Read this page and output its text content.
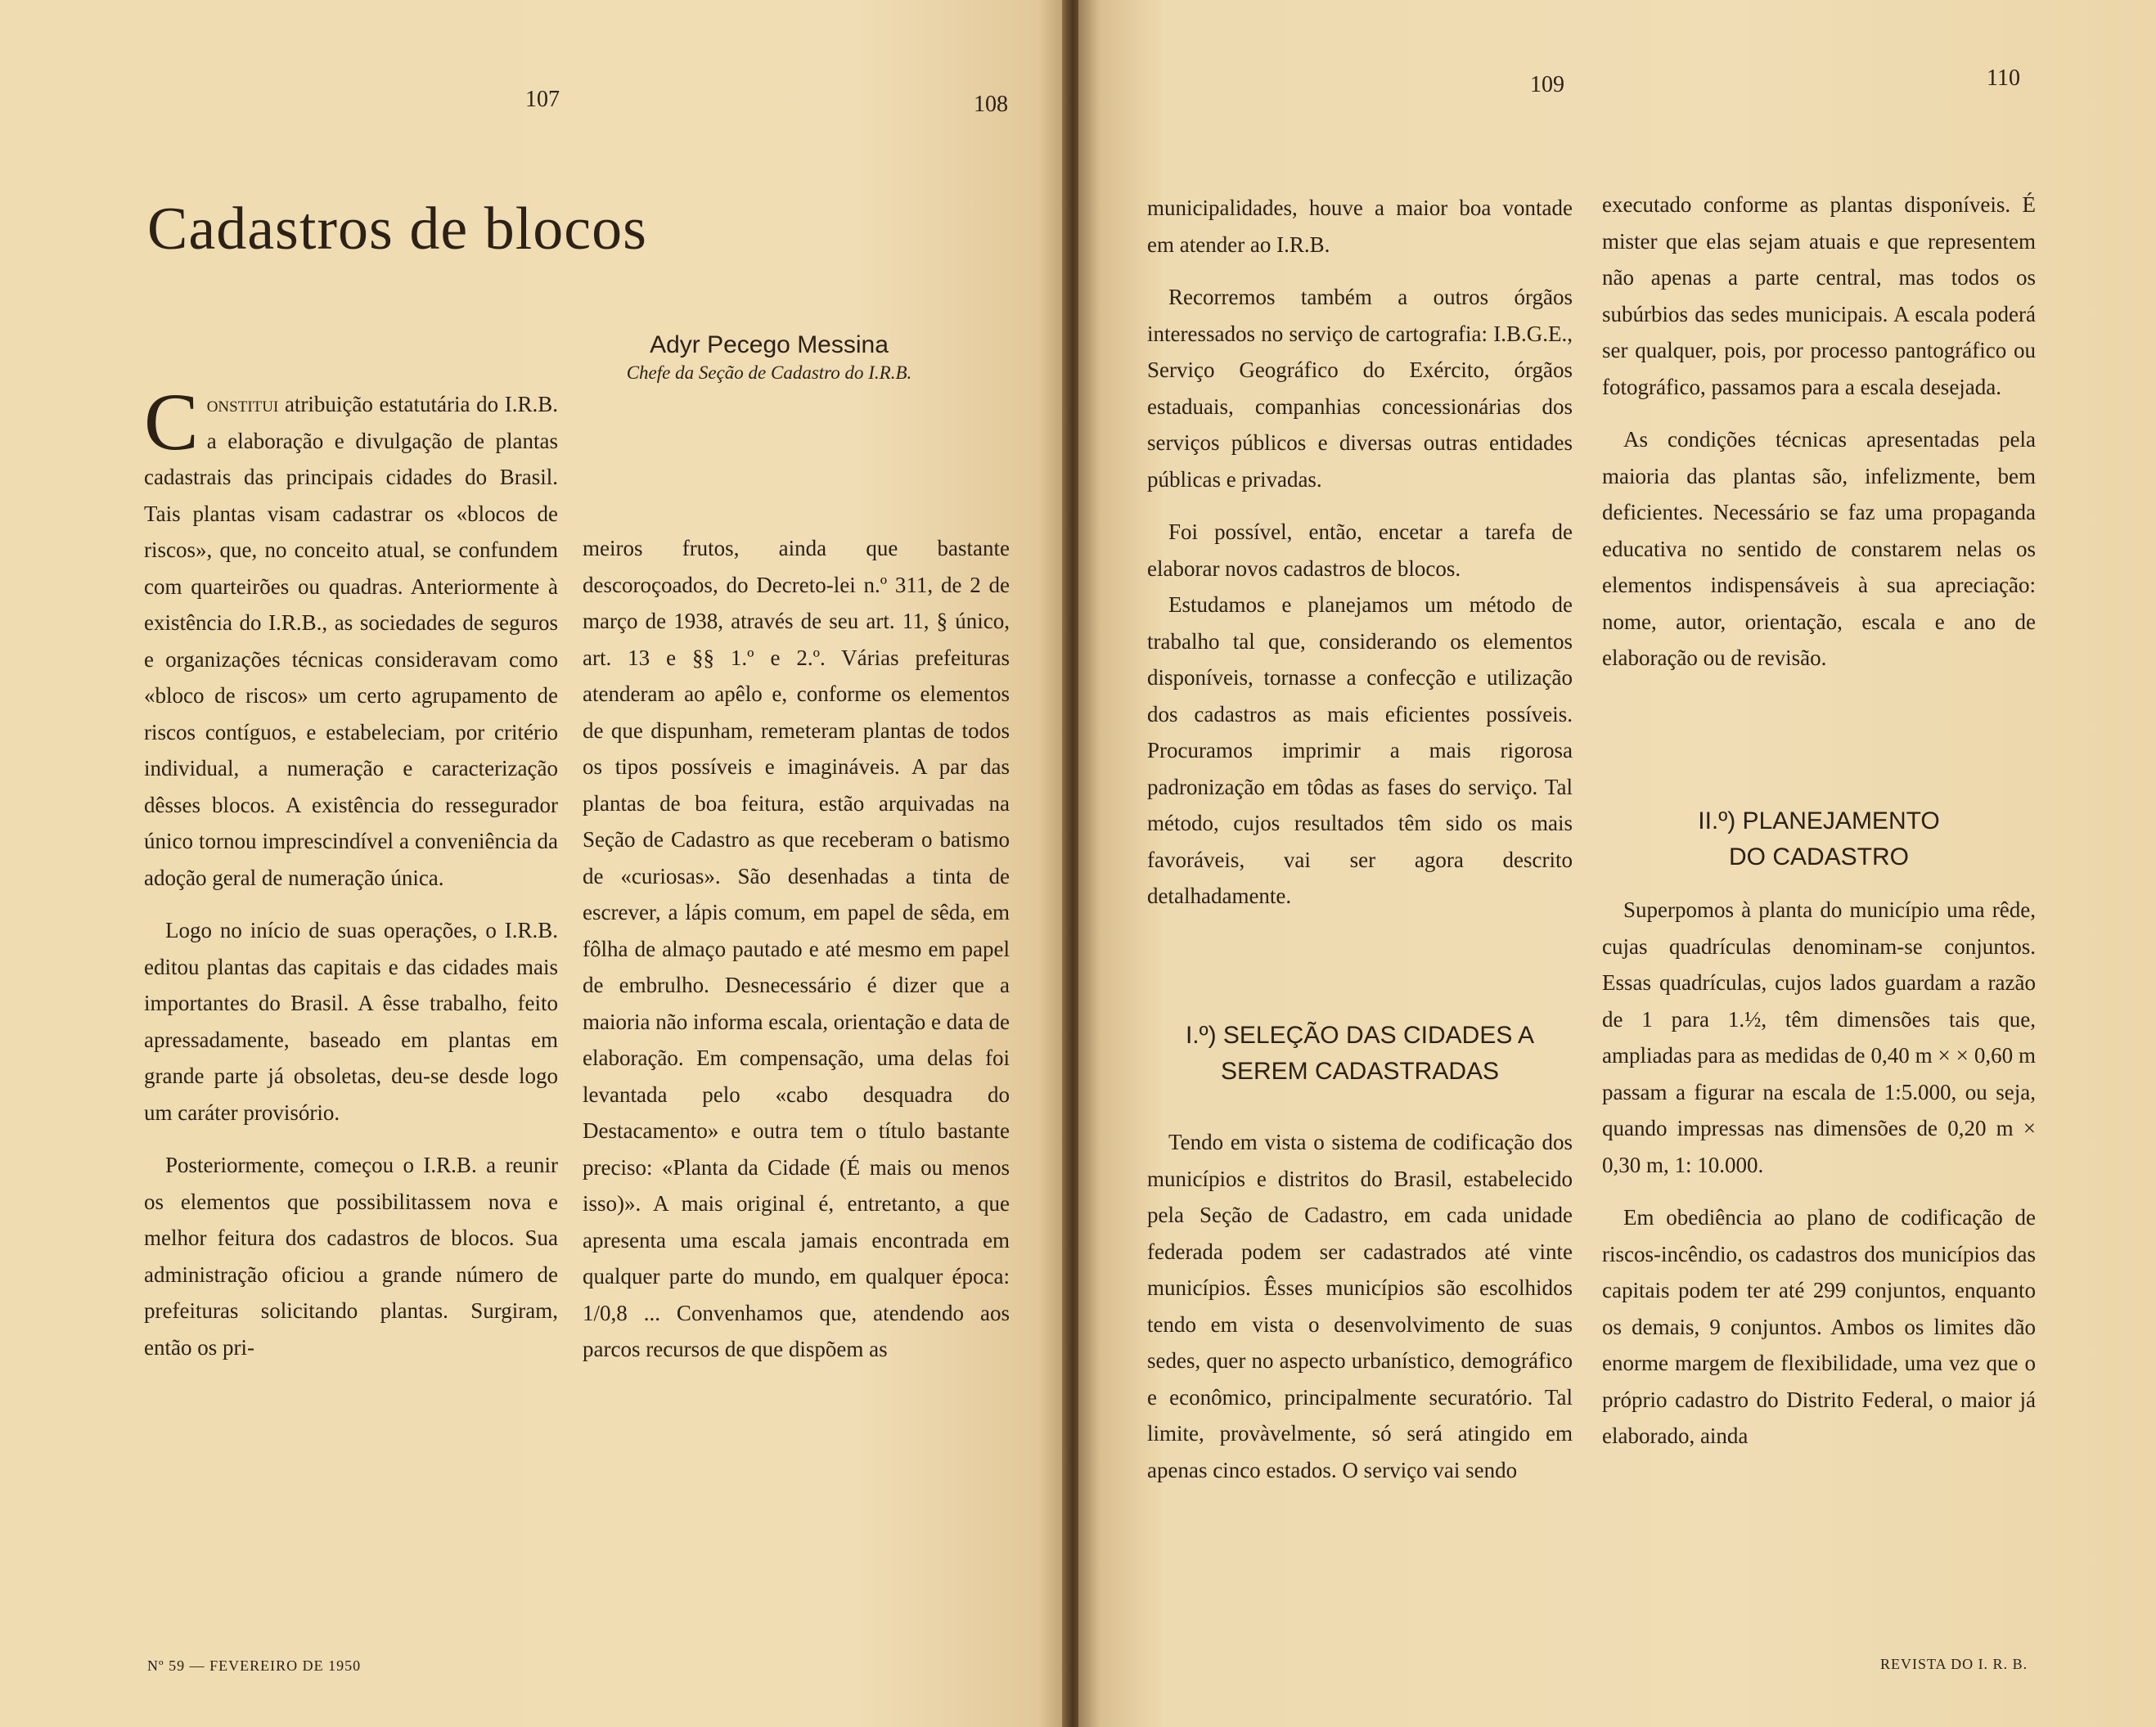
107	108
Cadastros de blocos
Adyr Pecego Messina
Chefe da Seção de Cadastro do I.R.B.

Constitui atribuição estatutária do I.R.B. a elaboração e divulgação de plantas cadastrais das principais cidades do Brasil. Tais plantas visam cadastrar os «blocos de riscos», que, no conceito atual, se confundem com quarteirões ou quadras. Anteriormente à existência do I.R.B., as sociedades de seguros e organizações técnicas consideravam como «bloco de riscos» um certo agrupamento de riscos contíguos, e estabeleciam, por critério individual, a numeração e caracterização dêsses blocos. A existência do ressegurador único tornou imprescindível a conveniência da adoção geral de numeração única.

Logo no início de suas operações, o I.R.B. editou plantas das capitais e das cidades mais importantes do Brasil. A êsse trabalho, feito apressadamente, baseado em plantas em grande parte já obsoletas, deu-se desde logo um caráter provisório.

Posteriormente, começou o I.R.B. a reunir os elementos que possibilitassem nova e melhor feitura dos cadastros de blocos. Sua administração oficiou a grande número de prefeituras solicitando plantas. Surgiram, então os pri-

meiros frutos, ainda que bastante descoroçoados, do Decreto-lei n.º 311, de 2 de março de 1938, através de seu art. 11, § único, art. 13 e §§ 1.º e 2.º. Várias prefeituras atenderam ao apêlo e, conforme os elementos de que dispunham, remeteram plantas de todos os tipos possíveis e imagináveis. A par das plantas de boa feitura, estão arquivadas na Seção de Cadastro as que receberam o batismo de «curiosas». São desenhadas a tinta de escrever, a lápis comum, em papel de sêda, em fôlha de almaço pautado e até mesmo em papel de embrulho. Desnecessário é dizer que a maioria não informa escala, orientação e data de elaboração. Em compensação, uma delas foi levantada pelo «cabo desquadra do Destacamento» e outra tem o título bastante preciso: «Planta da Cidade (É mais ou menos isso)». A mais original é, entretanto, a que apresenta uma escala jamais encontrada em qualquer parte do mundo, em qualquer época: 1/0,8 ... Convenhamos que, atendendo aos parcos recursos de que dispõem as

Nº 59 — FEVEREIRO DE 1950
109	110

municipalidades, houve a maior boa vontade em atender ao I.R.B.

Recorremos também a outros órgãos interessados no serviço de cartografia: I.B.G.E., Serviço Geográfico do Exército, órgãos estaduais, companhias concessionárias dos serviços públicos e diversas outras entidades públicas e privadas.

Foi possível, então, encetar a tarefa de elaborar novos cadastros de blocos.

Estudamos e planejamos um método de trabalho tal que, considerando os elementos disponíveis, tornasse a confecção e utilização dos cadastros as mais eficientes possíveis. Procuramos imprimir a mais rigorosa padronização em tôdas as fases do serviço. Tal método, cujos resultados têm sido os mais favoráveis, vai ser agora descrito detalhadamente.

I.º) SELEÇÃO DAS CIDADES A
SEREM CADASTRADAS

Tendo em vista o sistema de codificação dos municípios e distritos do Brasil, estabelecido pela Seção de Cadastro, em cada unidade federada podem ser cadastrados até vinte municípios. Êsses municípios são escolhidos tendo em vista o desenvolvimento de suas sedes, quer no aspecto urbanístico, demográfico e econômico, principalmente securatório. Tal limite, provàvelmente, só será atingido em apenas cinco estados. O serviço vai sendo

executado conforme as plantas disponíveis. É mister que elas sejam atuais e que representem não apenas a parte central, mas todos os subúrbios das sedes municipais. A escala poderá ser qualquer, pois, por processo pantográfico ou fotográfico, passamos para a escala desejada.

As condições técnicas apresentadas pela maioria das plantas são, infelizmente, bem deficientes. Necessário se faz uma propaganda educativa no sentido de constarem nelas os elementos indispensáveis à sua apreciação: nome, autor, orientação, escala e ano de elaboração ou de revisão.

II.º) PLANEJAMENTO
DO CADASTRO

Superpomos à planta do município uma rêde, cujas quadrículas denominam-se conjuntos. Essas quadrículas, cujos lados guardam a razão de 1 para 1.½, têm dimensões tais que, ampliadas para as medidas de 0,40 m × × 0,60 m passam a figurar na escala de 1:5.000, ou seja, quando impressas nas dimensões de 0,20 m × 0,30 m, 1: 10.000.

Em obediência ao plano de codificação de riscos-incêndio, os cadastros dos municípios das capitais podem ter até 299 conjuntos, enquanto os demais, 9 conjuntos. Ambos os limites dão enorme margem de flexibilidade, uma vez que o próprio cadastro do Distrito Federal, o maior já elaborado, ainda

REVISTA DO I. R. B.
